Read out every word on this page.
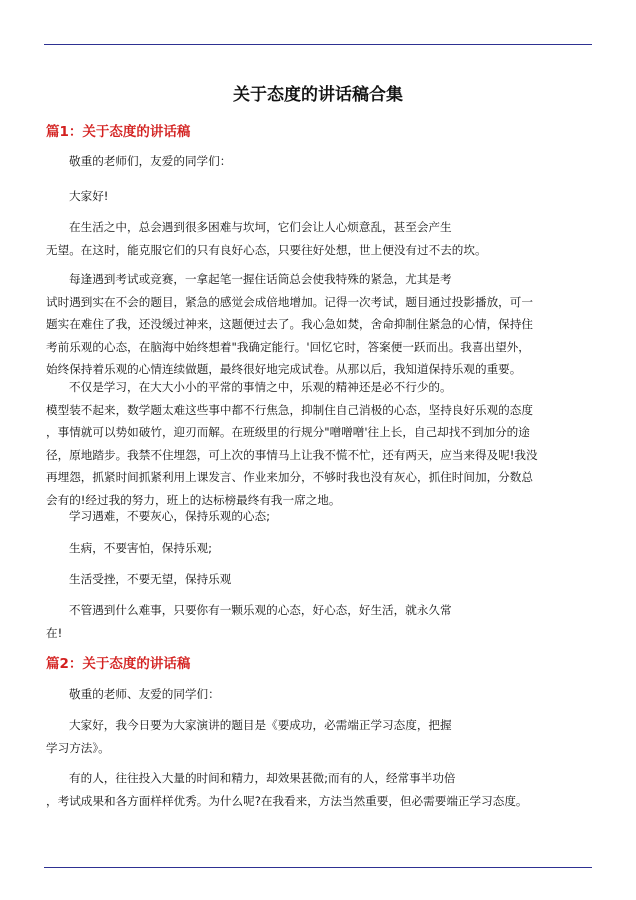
关于态度的讲话稿合集
篇1：关于态度的讲话稿
敬重的老师们，友爱的同学们：
大家好!
在生活之中，总会遇到很多困难与坎坷，它们会让人心烦意乱，甚至会产生
无望。在这时，能克服它们的只有良好心态，只要往好处想，世上便没有过不去的坎。
每逢遇到考试或竞赛，一拿起笔一握住话筒总会使我特殊的紧急，尤其是考
试时遇到实在不会的题目，紧急的感觉会成倍地增加。记得一次考试，题目通过投影播放，可一
题实在难住了我，还没缓过神来，这题便过去了。我心急如焚，舍命抑制住紧急的心情，保持住
考前乐观的心态，在脑海中始终想着"我确定能行。'回忆它时，答案便一跃而出。我喜出望外，
始终保持着乐观的心情连续做题，最终很好地完成试卷。从那以后，我知道保持乐观的重要。
不仅是学习，在大大小小的平常的事情之中，乐观的精神还是必不行少的。
模型装不起来，数学题太难这些事中都不行焦急，抑制住自己消极的心态，坚持良好乐观的态度
，事情就可以势如破竹，迎刃而解。在班级里的行规分"噌噌噌'往上长，自己却找不到加分的途
径，原地踏步。我禁不住埋怨，可上次的事情马上让我不慌不忙，还有两天，应当来得及呢!我没
再埋怨，抓紧时间抓紧利用上课发言、作业来加分，不够时我也没有灰心，抓住时间加，分数总
会有的!经过我的努力，班上的达标榜最终有我一席之地。
学习遇难，不要灰心，保持乐观的心态;
生病，不要害怕，保持乐观;
生活受挫，不要无望，保持乐观
不管遇到什么难事，只要你有一颗乐观的心态，好心态，好生活，就永久常
在!
篇2：关于态度的讲话稿
敬重的老师、友爱的同学们：
大家好，我今日要为大家演讲的题目是《要成功，必需端正学习态度，把握
学习方法》。
有的人，往往投入大量的时间和精力，却效果甚微;而有的人，经常事半功倍
，考试成果和各方面样样优秀。为什么呢?在我看来，方法当然重要，但必需要端正学习态度。
